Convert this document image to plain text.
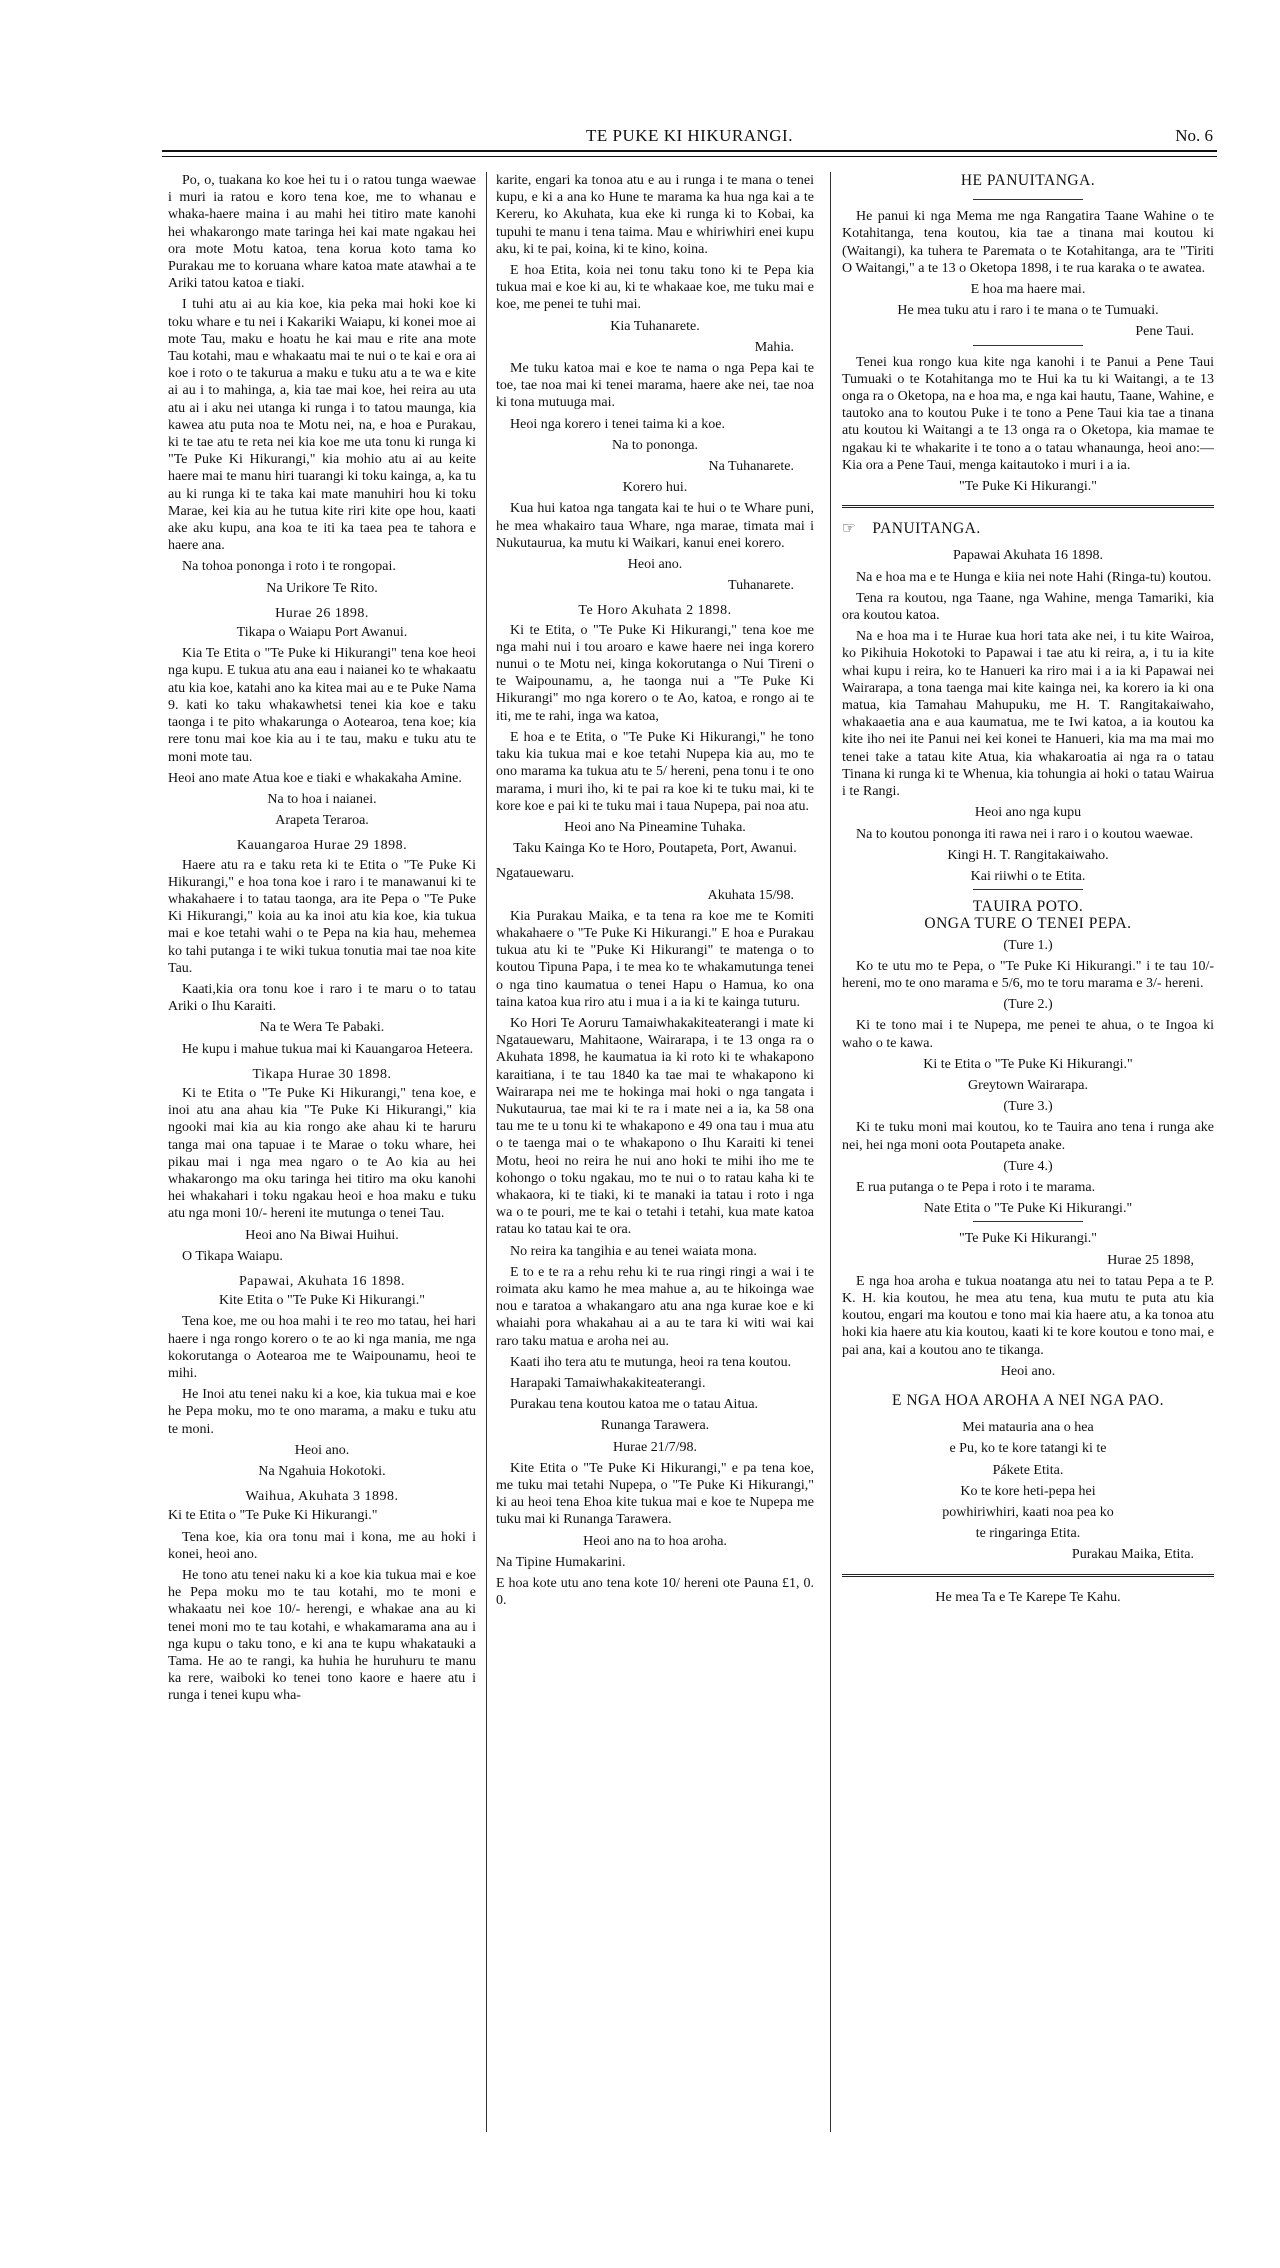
TE PUKE KI HIKURANGI.	No. 6

Po, o, tuakana ko koe hei tu i o ratou tunga waewae i muri ia ratou e koro tena koe, me to whanau e whaka-haere maina i au mahi hei titiro mate kanohi hei whakarongo mate taringa hei kai mate ngakau hei ora mote Motu katoa, tena korua koto tama ko Purakau me to koruana whare katoa mate atawhai a te Ariki tatou katoa e tiaki.

I tuhi atu ai au kia koe, kia peka mai hoki koe ki toku whare e tu nei i Kakariki Waiapu, ki konei moe ai mote Tau, maku e hoatu he kai mau e rite ana mote Tau kotahi, mau e whakaatu mai te nui o te kai e ora ai koe i roto o te takurua a maku e tuku atu a te wa e kite ai au i to mahinga, a, kia tae mai koe, hei reira au uta atu ai i aku nei utanga ki runga i to tatou maunga, kia kawea atu puta noa te Motu nei, na, e hoa e Purakau, ki te tae atu te reta nei kia koe me uta tonu ki runga ki "Te Puke Ki Hikurangi," kia mohio atu ai au keite haere mai te manu hiri tuarangi ki toku kainga, a, ka tu au ki runga ki te taka kai mate manuhiri hou ki toku Marae, kei kia au he tutua kite riri kite ope hou, kaati ake aku kupu, ana koa te iti ka taea pea te tahora e haere ana.

Na tohoa pononga i roto i te rongopai.

Na Urikore Te Rito.

Hurae 26 1898.

Tikapa o Waiapu Port Awanui.

Kia Te Etita o "Te Puke ki Hikurangi" tena koe heoi nga kupu. E tukua atu ana eau i naianei ko te whakaatu atu kia koe, katahi ano ka kitea mai au e te Puke Nama 9. kati ko taku whakawhetsi tenei kia koe e taku taonga i te pito whakarunga o Aotearoa, tena koe; kia rere tonu mai koe kia au i te tau, maku e tuku atu te moni mote tau.

Heoi ano mate Atua koe e tiaki e whakakaha Amine.

Na to hoa i naianei.

Arapeta Teraroa.

Kauangaroa Hurae 29 1898.

Haere atu ra e taku reta ki te Etita o "Te Puke Ki Hikurangi," e hoa tona koe i raro i te manawanui ki te whakahaere i to tatau taonga, ara ite Pepa o "Te Puke Ki Hikurangi," koia au ka inoi atu kia koe, kia tukua mai e koe tetahi wahi o te Pepa na kia hau, mehemea ko tahi putanga i te wiki tukua tonutia mai tae noa kite Tau.

Kaati,kia ora tonu koe i raro i te maru o to tatau Ariki o Ihu Karaiti.

Na te Wera Te Pabaki.

He kupu i mahue tukua mai ki Kauangaroa Heteera.

Tikapa Hurae 30 1898.

Ki te Etita o "Te Puke Ki Hikurangi," tena koe, e inoi atu ana ahau kia "Te Puke Ki Hikurangi," kia ngooki mai kia au kia rongo ake ahau ki te haruru tanga mai ona tapuae i te Marae o toku whare, hei pikau mai i nga mea ngaro o te Ao kia au hei whakarongo ma oku taringa hei titiro ma oku kanohi hei whakahari i toku ngakau heoi e hoa maku e tuku atu nga moni 10/- hereni ite mutunga o tenei Tau.

Heoi ano Na Biwai Huihui.

O Tikapa Waiapu.

Papawai, Akuhata 16 1898.

Kite Etita o "Te Puke Ki Hikurangi."

Tena koe, me ou hoa mahi i te reo mo tatau, hei hari haere i nga rongo korero o te ao ki nga mania, me nga kokorutanga o Aotearoa me te Waipounamu, heoi te mihi.

He Inoi atu tenei naku ki a koe, kia tukua mai e koe he Pepa moku, mo te ono marama, a maku e tuku atu te moni.

Heoi ano.

Na Ngahuia Hokotoki.

Waihua, Akuhata 3 1898.

Ki te Etita o "Te Puke Ki Hikurangi."

Tena koe, kia ora tonu mai i kona, me au hoki i konei, heoi ano.

He tono atu tenei naku ki a koe kia tukua mai e koe he Pepa moku mo te tau kotahi, mo te moni e whakaatu nei koe 10/- herengi, e whakae ana au ki tenei moni mo te tau kotahi, e whakamarama ana au i nga kupu o taku tono, e ki ana te kupu whakatauki a Tama. He ao te rangi, ka huhia he huruhuru te manu ka rere, waiboki ko tenei tono kaore e haere atu i runga i tenei kupu wha-

karite, engari ka tonoa atu e au i runga i te mana o tenei kupu, e ki a ana ko Hune te marama ka hua nga kai a te Kereru, ko Akuhata, kua eke ki runga ki to Kobai, ka tupuhi te manu i tena taima. Mau e whiriwhiri enei kupu aku, ki te pai, koina, ki te kino, koina.

E hoa Etita, koia nei tonu taku tono ki te Pepa kia tukua mai e koe ki au, ki te whakaae koe, me tuku mai e koe, me penei te tuhi mai.

Kia Tuhanarete.

Mahia.

Me tuku katoa mai e koe te nama o nga Pepa kai te toe, tae noa mai ki tenei marama, haere ake nei, tae noa ki tona mutuuga mai.

Heoi nga korero i tenei taima ki a koe.

Na to pononga.

Na Tuhanarete.

Korero hui.

Kua hui katoa nga tangata kai te hui o te Whare puni, he mea whakairo taua Whare, nga marae, timata mai i Nukutaurua, ka mutu ki Waikari, kanui enei korero.

Heoi ano.

Tuhanarete.

Te Horo Akuhata 2 1898.

Ki te Etita, o "Te Puke Ki Hikurangi," tena koe me nga mahi nui i tou aroaro e kawe haere nei inga korero nunui o te Motu nei, kinga kokorutanga o Nui Tireni o te Waipounamu, a, he taonga nui a "Te Puke Ki Hikurangi" mo nga korero o te Ao, katoa, e rongo ai te iti, me te rahi, inga wa katoa,

E hoa e te Etita, o "Te Puke Ki Hikurangi," he tono taku kia tukua mai e koe tetahi Nupepa kia au, mo te ono marama ka tukua atu te 5/ hereni, pena tonu i te ono marama, i muri iho, ki te pai ra koe ki te tuku mai, ki te kore koe e pai ki te tuku mai i taua Nupepa, pai noa atu.

Heoi ano Na Pineamine Tuhaka.

Taku Kainga Ko te Horo, Poutapeta, Port, Awanui.

Ngatauewaru.

Akuhata 15/98.

Kia Purakau Maika, e ta tena ra koe me te Komiti whakahaere o "Te Puke Ki Hikurangi." E hoa e Purakau tukua atu ki te "Puke Ki Hikurangi" te matenga o to koutou Tipuna Papa, i te mea ko te whakamutunga tenei o nga tino kaumatua o tenei Hapu o Hamua, ko ona taina katoa kua riro atu i mua i a ia ki te kainga tuturu.

Ko Hori Te Aoruru Tamaiwhakakiteaterangi i mate ki Ngatauewaru, Mahitaone, Wairarapa, i te 13 onga ra o Akuhata 1898, he kaumatua ia ki roto ki te whakapono karaitiana, i te tau 1840 ka tae mai te whakapono ki Wairarapa nei me te hokinga mai hoki o nga tangata i Nukutaurua, tae mai ki te ra i mate nei a ia, ka 58 ona tau me te u tonu ki te whakapono e 49 ona tau i mua atu o te taenga mai o te whakapono o Ihu Karaiti ki tenei Motu, heoi no reira he nui ano hoki te mihi iho me te kohongo o toku ngakau, mo te nui o to ratau kaha ki te whakaora, ki te tiaki, ki te manaki ia tatau i roto i nga wa o te pouri, me te kai o tetahi i tetahi, kua mate katoa ratau ko tatau kai te ora.

No reira ka tangihia e au tenei waiata mona.

E to e te ra a rehu rehu ki te rua ringi ringi a wai i te roimata aku kamo he mea mahue a, au te hikoinga wae nou e taratoa a whakangaro atu ana nga kurae koe e ki whaiahi pora whakahau ai a au te tara ki witi wai kai raro taku matua e aroha nei au.

Kaati iho tera atu te mutunga, heoi ra tena koutou.

Harapaki Tamaiwhakakiteaterangi.

Purakau tena koutou katoa me o tatau Aitua.

Runanga Tarawera.

Hurae 21/7/98.

Kite Etita o "Te Puke Ki Hikurangi," e pa tena koe, me tuku mai tetahi Nupepa, o "Te Puke Ki Hikurangi," ki au heoi tena Ehoa kite tukua mai e koe te Nupepa me tuku mai ki Runanga Tarawera.

Heoi ano na to hoa aroha.

Na Tipine Humakarini.

E hoa kote utu ano tena kote 10/ hereni ote Pauna £1, 0. 0.

HE PANUITANGA.

He panui ki nga Mema me nga Rangatira Taane Wahine o te Kotahitanga, tena koutou, kia tae a tinana mai koutou ki (Waitangi), ka tuhera te Paremata o te Kotahitanga, ara te "Tiriti O Waitangi," a te 13 o Oketopa 1898, i te rua karaka o te awatea.

E hoa ma haere mai.

He mea tuku atu i raro i te mana o te Tumuaki.

Pene Taui.

Tenei kua rongo kua kite nga kanohi i te Panui a Pene Taui Tumuaki o te Kotahitanga mo te Hui ka tu ki Waitangi, a te 13 onga ra o Oketopa, na e hoa ma, e nga kai hautu, Taane, Wahine, e tautoko ana to koutou Puke i te tono a Pene Taui kia tae a tinana atu koutou ki Waitangi a te 13 onga ra o Oketopa, kia mamae te ngakau ki te whakarite i te tono a o tatau whanaunga, heoi ano:— Kia ora a Pene Taui, menga kaitautoko i muri i a ia.

"Te Puke Ki Hikurangi."

☞ PANUITANGA.

Papawai Akuhata 16 1898.

Na e hoa ma e te Hunga e kiia nei note Hahi (Ringa-tu) koutou.

Tena ra koutou, nga Taane, nga Wahine, menga Tamariki, kia ora koutou katoa.

Na e hoa ma i te Hurae kua hori tata ake nei, i tu kite Wairoa, ko Pikihuia Hokotoki to Papawai i tae atu ki reira, a, i tu ia kite whai kupu i reira, ko te Hanueri ka riro mai i a ia ki Papawai nei Wairarapa, a tona taenga mai kite kainga nei, ka korero ia ki ona matua, kia Tamahau Mahupuku, me H. T. Rangitakaiwaho, whakaaetia ana e aua kaumatua, me te Iwi katoa, a ia koutou ka kite iho nei ite Panui nei kei konei te Hanueri, kia ma ma mai mo tenei take a tatau kite Atua, kia whakaroatia ai nga ra o tatau Tinana ki runga ki te Whenua, kia tohungia ai hoki o tatau Wairua i te Rangi.

Heoi ano nga kupu

Na to koutou pononga iti rawa nei i raro i o koutou waewae.

Kingi H. T. Rangitakaiwaho.

Kai riiwhi o te Etita.

TAUIRA POTO.

ONGA TURE O TENEI PEPA.

(Ture 1.)

Ko te utu mo te Pepa, o "Te Puke Ki Hikurangi." i te tau 10/- hereni, mo te ono marama e 5/6, mo te toru marama e 3/- hereni.

(Ture 2.)

Ki te tono mai i te Nupepa, me penei te ahua, o te Ingoa ki waho o te kawa.

Ki te Etita o "Te Puke Ki Hikurangi."

Greytown Wairarapa.

(Ture 3.)

Ki te tuku moni mai koutou, ko te Tauira ano tena i runga ake nei, hei nga moni oota Poutapeta anake.

(Ture 4.)

E rua putanga o te Pepa i roto i te marama.

Nate Etita o "Te Puke Ki Hikurangi."

"Te Puke Ki Hikurangi."

Hurae 25 1898,

E nga hoa aroha e tukua noatanga atu nei to tatau Pepa a te P. K. H. kia koutou, he mea atu tena, kua mutu te puta atu kia koutou, engari ma koutou e tono mai kia haere atu, a ka tonoa atu hoki kia haere atu kia koutou, kaati ki te kore koutou e tono mai, e pai ana, kai a koutou ano te tikanga.

Heoi ano.

E NGA HOA AROHA A NEI NGA PAO.

Mei matauria ana o hea

e Pu, ko te kore tatangi ki te

Pákete Etita.

Ko te kore heti-pepa hei

powhiriwhiri, kaati noa pea ko

te ringaringa Etita.

Purakau Maika, Etita.

He mea Ta e Te Karepe Te Kahu.
